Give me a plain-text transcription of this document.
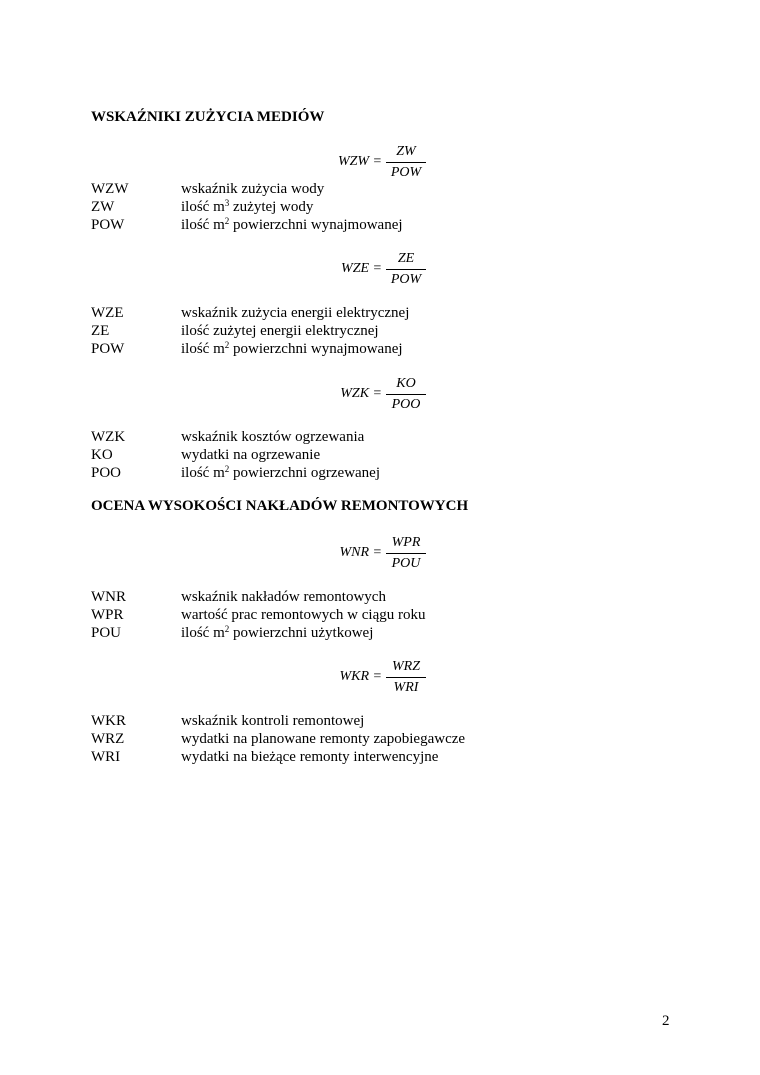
WSKAŹNIKI ZUŻYCIA MEDIÓW
WZW =
ZW
POW
WZW	wskaźnik zużycia wody
ZW	ilość $m^3$ zużytej wody
POW	ilość $m^2$ powierzchni wynajmowanej
WZE =
ZE
POW
WZE	wskaźnik zużycia energii elektrycznej
ZE	ilość zużytej energii elektrycznej
POW	ilość $m^2$ powierzchni wynajmowanej
WZK =
KO
POO
WZK	wskaźnik kosztów ogrzewania
KO	wydatki na ogrzewanie
POO	ilość $m^2$ powierzchni ogrzewanej
OCENA WYSOKOŚCI NAKŁADÓW REMONTOWYCH
WNR =
WPR
POU
WNR	wskaźnik nakładów remontowych
WPR	wartość prac remontowych w ciągu roku
POU	ilość $m^2$ powierzchni użytkowej
WKR =
WRZ
WRI
WKR	wskaźnik kontroli remontowej
WRZ	wydatki na planowane remonty zapobiegawcze
WRI	wydatki na bieżące remonty interwencyjne
2
